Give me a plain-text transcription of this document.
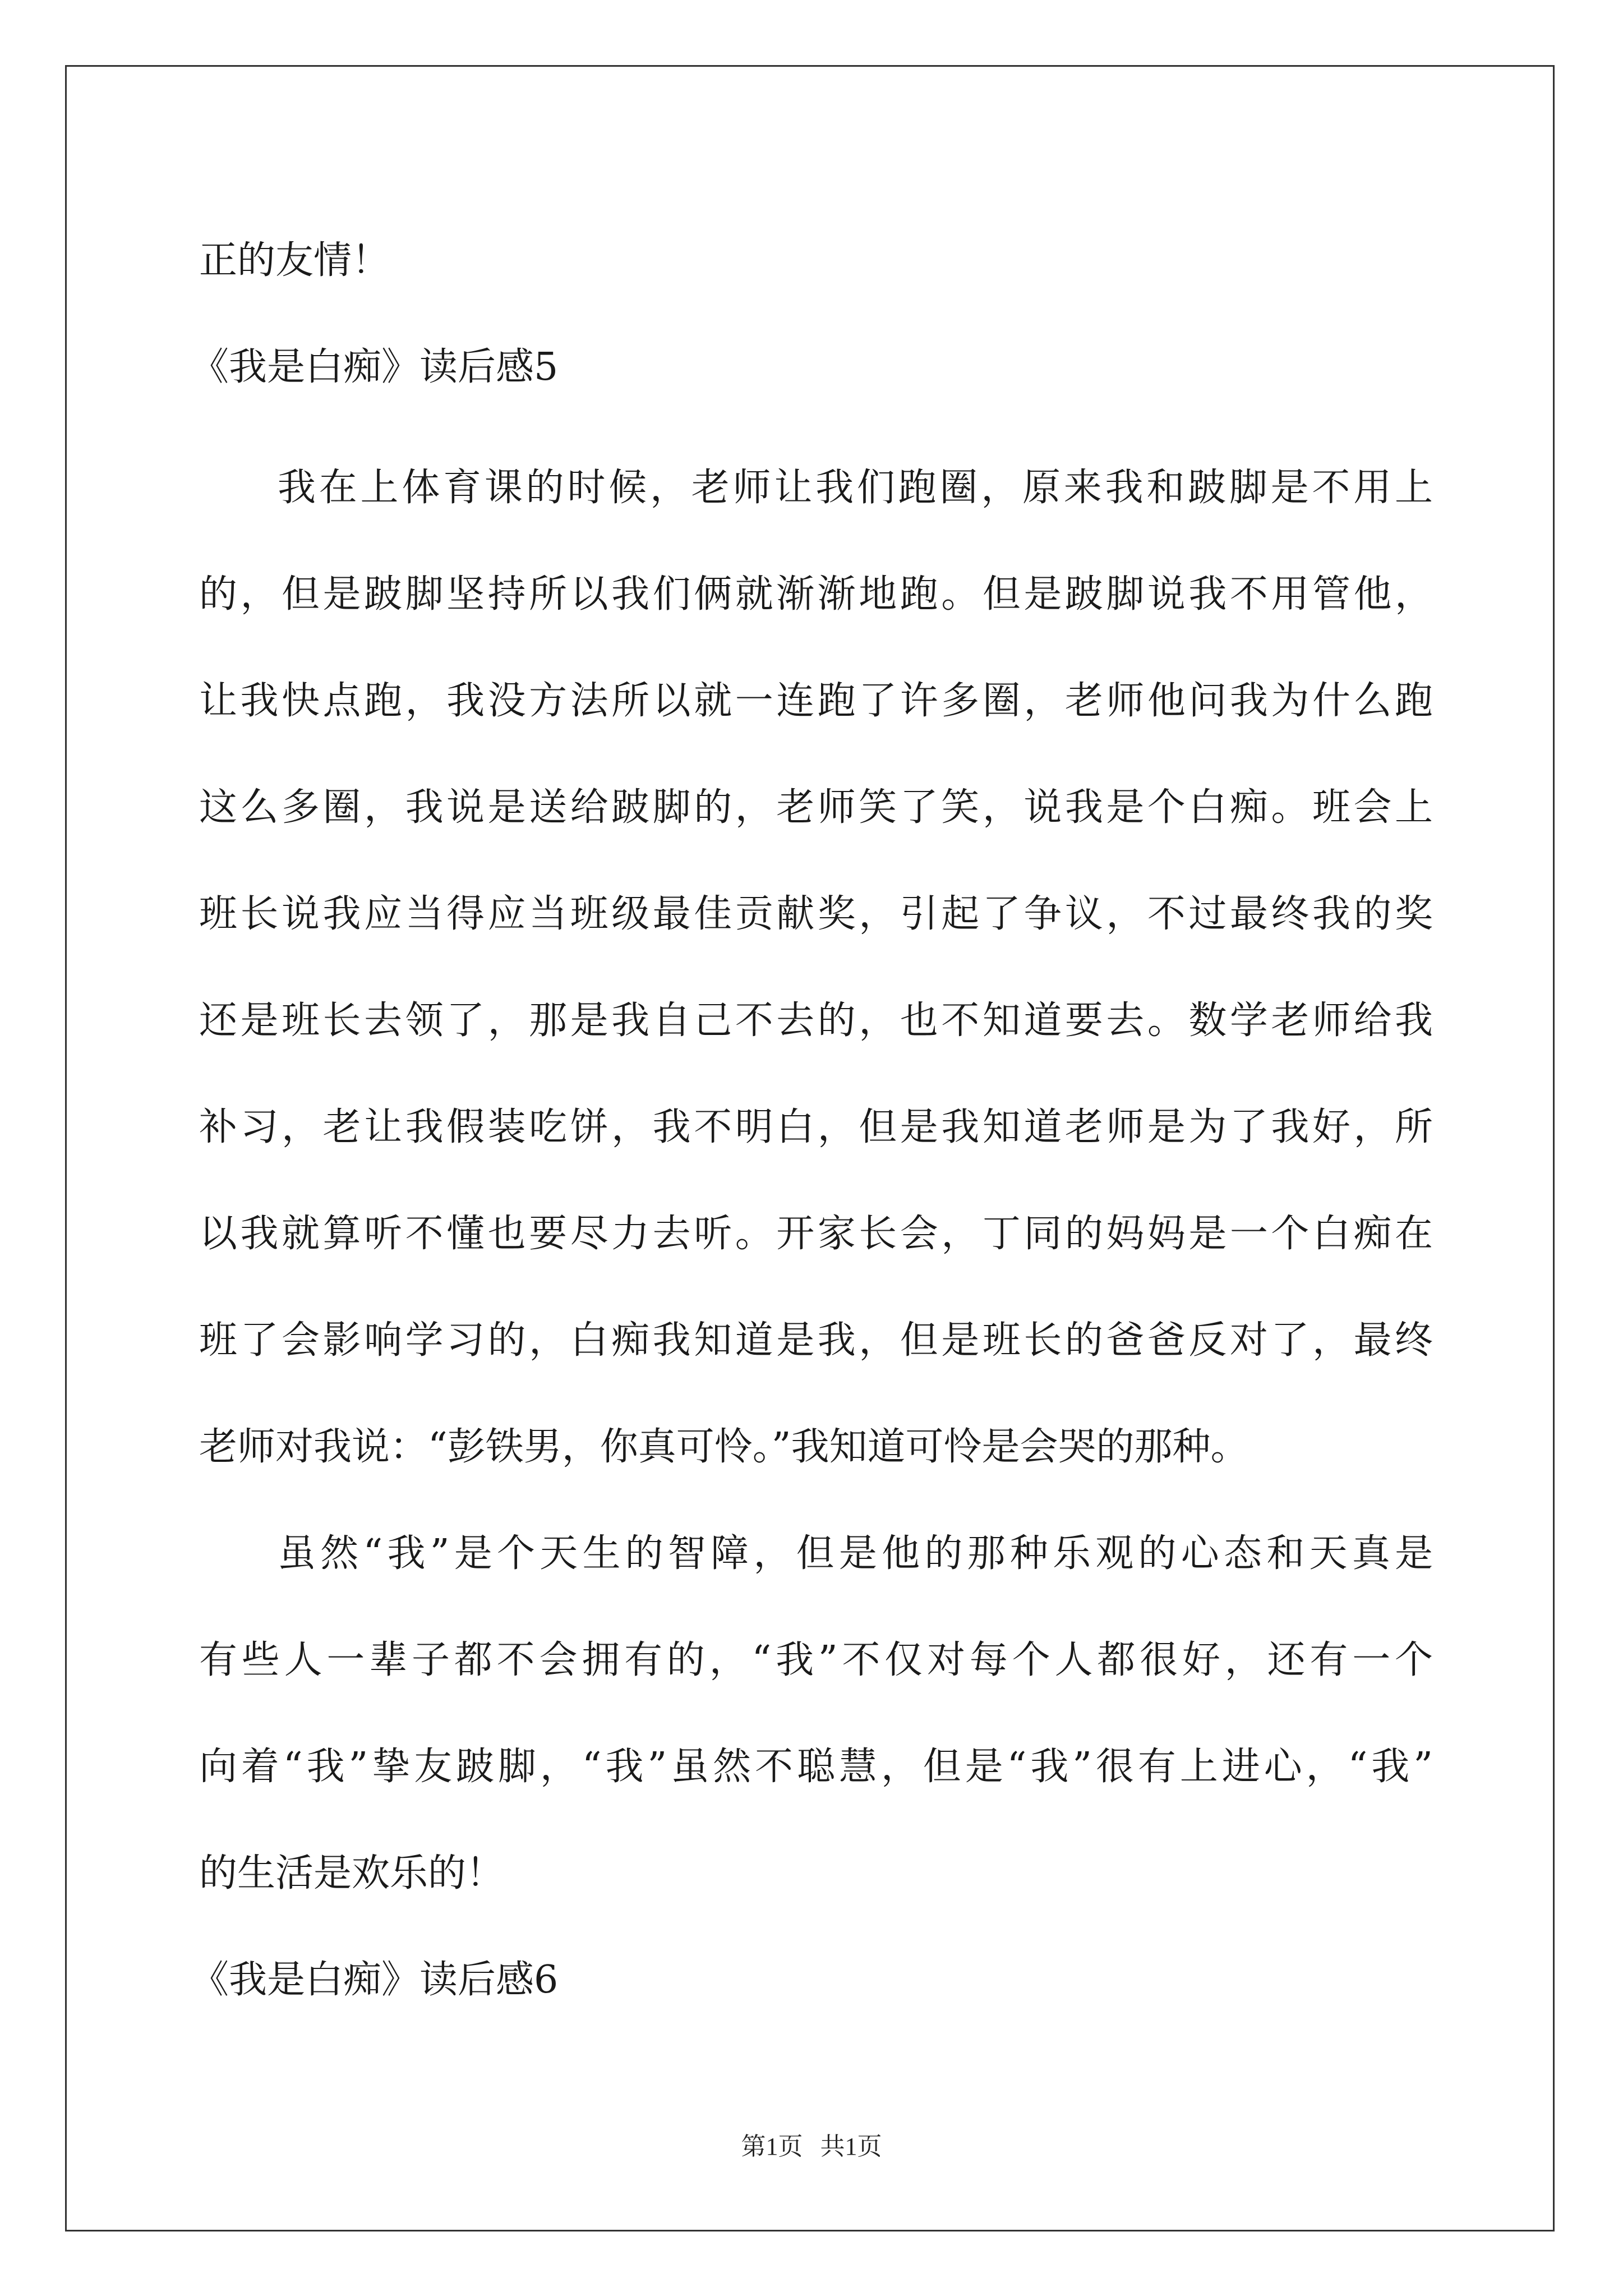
正的友情！
《我是白痴》读后感5
我在上体育课的时候，老师让我们跑圈，原来我和跛脚是不用上
的，但是跛脚坚持所以我们俩就渐渐地跑。但是跛脚说我不用管他，
让我快点跑，我没方法所以就一连跑了许多圈，老师他问我为什么跑
这么多圈，我说是送给跛脚的，老师笑了笑，说我是个白痴。班会上
班长说我应当得应当班级最佳贡献奖，引起了争议，不过最终我的奖
还是班长去领了，那是我自己不去的，也不知道要去。数学老师给我
补习，老让我假装吃饼，我不明白，但是我知道老师是为了我好，所
以我就算听不懂也要尽力去听。开家长会，丁同的妈妈是一个白痴在
班了会影响学习的，白痴我知道是我，但是班长的爸爸反对了，最终
老师对我说：“彭铁男，你真可怜。”我知道可怜是会哭的那种。
虽然“我”是个天生的智障，但是他的那种乐观的心态和天真是
有些人一辈子都不会拥有的，“我”不仅对每个人都很好，还有一个
向着“我”挚友跛脚，“我”虽然不聪慧，但是“我”很有上进心，“我”
的生活是欢乐的！
《我是白痴》读后感6
第1页 共1页
